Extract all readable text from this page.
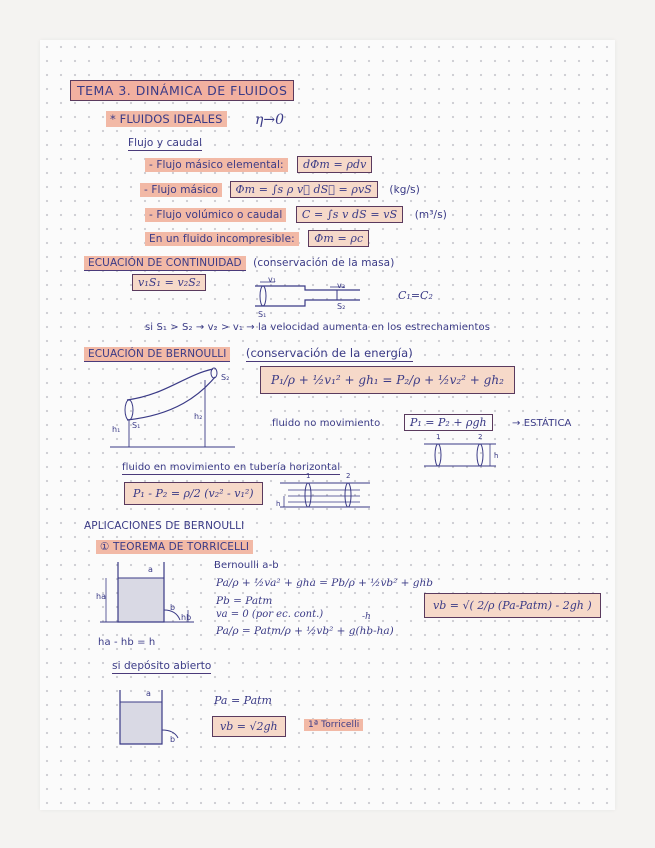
TEMA 3. DINÁMICA DE FLUIDOS
* FLUIDOS IDEALES η→0
Flujo y caudal
- Flujo másico elemental: dΦm = ρdv
- Flujo másico Φm = ∫s ρ v⃗ dS⃗ = ρvS (kg/s)
- Flujo volúmico o caudal C = ∫s v dS = vS (m³/s)
En un fluido incompresible: Φm = ρc
ECUACIÓN DE CONTINUIDAD (conservación de la masa)
v₁S₁ = v₂S₂	v₁
v₂
S₁
S₂
C₁=C₂
si S₁ > S₂ → v₂ > v₁ → la velocidad aumenta en los estrechamientos
ECUACIÓN DE BERNOULLI (conservación de la energía)
P₁/ρ + ½v₁² + gh₁ = P₂/ρ + ½v₂² + gh₂
S₂
S₁
h₁
h₂
fluido no movimiento	P₁ = P₂ + ρgh	→ ESTÁTICA
1	2
h
fluido en movimiento en tubería horizontal
P₁ - P₂ = ρ/2 (v₂² - v₁²)
1	2
h
APLICACIONES DE BERNOULLI
① TEOREMA DE TORRICELLI
a
ha
b
hb
ha - hb = h
Bernoulli a-b
Pa/ρ + ½va² + gha = Pb/ρ + ½vb² + ghb
Pb = Patm
va = 0 (por ec. cont.)	-h
Pa/ρ = Patm/ρ + ½vb² + g(hb-ha)
vb = √( 2/ρ (Pa-Patm) - 2gh )
si depósito abierto
a
b
Pa = Patm
vb = √2gh	1ª Torricelli
